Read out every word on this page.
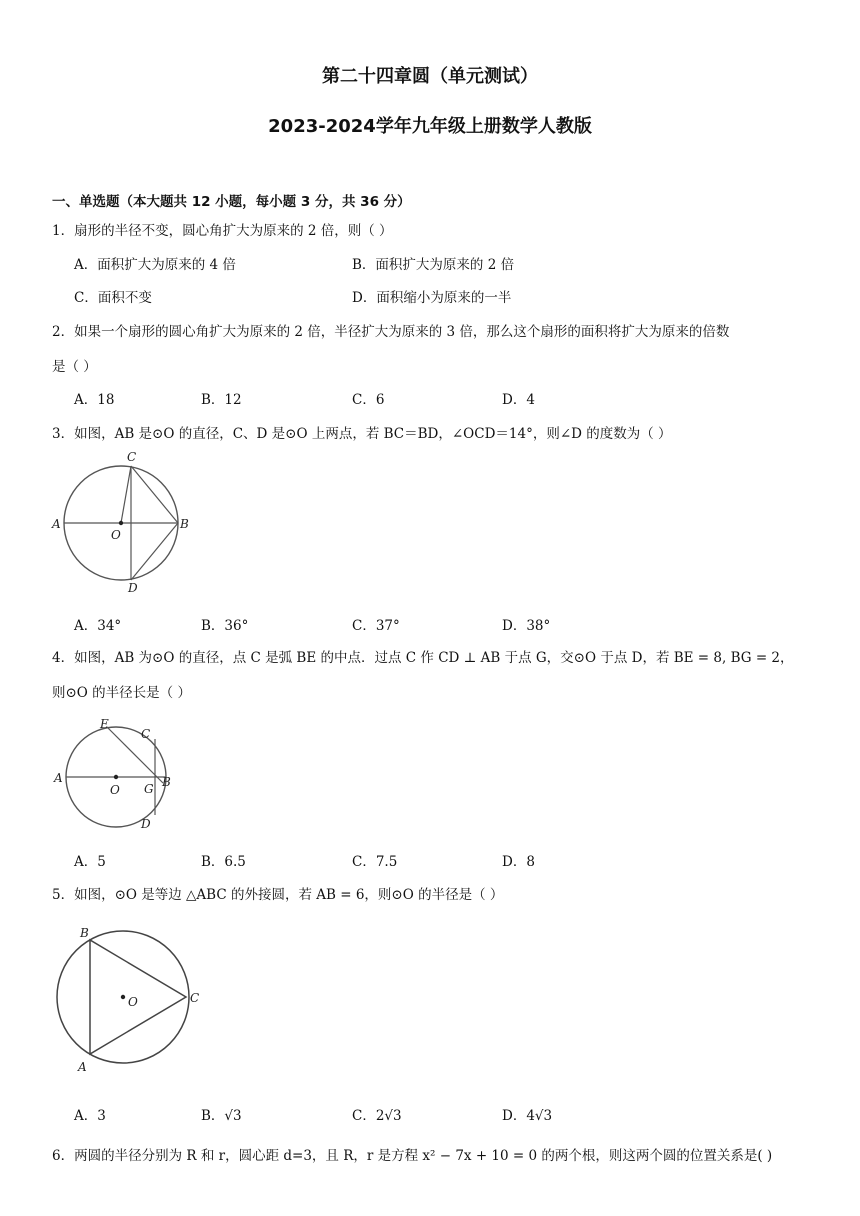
第二十四章圆（单元测试）
2023-2024学年九年级上册数学人教版
一、单选题（本大题共 12 小题，每小题 3 分，共 36 分）
1．扇形的半径不变，圆心角扩大为原来的 2 倍，则（ ）
A．面积扩大为原来的 4 倍	B．面积扩大为原来的 2 倍
C．面积不变	D．面积缩小为原来的一半
2．如果一个扇形的圆心角扩大为原来的 2 倍，半径扩大为原来的 3 倍，那么这个扇形的面积将扩大为原来的倍数
是（ ）
A．18	B．12	C．6	D．4
3．如图，AB 是⊙O 的直径，C、D 是⊙O 上两点，若 BC＝BD，∠OCD＝14°，则∠D 的度数为（ ）
A	B
C
D
O
A．34°	B．36°	C．37°	D．38°
4．如图，AB 为⊙O 的直径，点 C 是弧 BE 的中点．过点 C 作 CD ⊥ AB 于点 G，交⊙O 于点 D，若 BE = 8, BG = 2，
则⊙O 的半径长是（ ）
A	B
C
D
E
G
O
A．5	B．6.5	C．7.5	D．8
5．如图，⊙O 是等边 △ABC 的外接圆，若 AB = 6，则⊙O 的半径是（ ）
B
A
C
O
A．3	B．√3	C．2√3	D．4√3
6．两圆的半径分别为 R 和 r，圆心距 d=3，且 R，r 是方程 x² − 7x + 10 = 0 的两个根，则这两个圆的位置关系是( )
